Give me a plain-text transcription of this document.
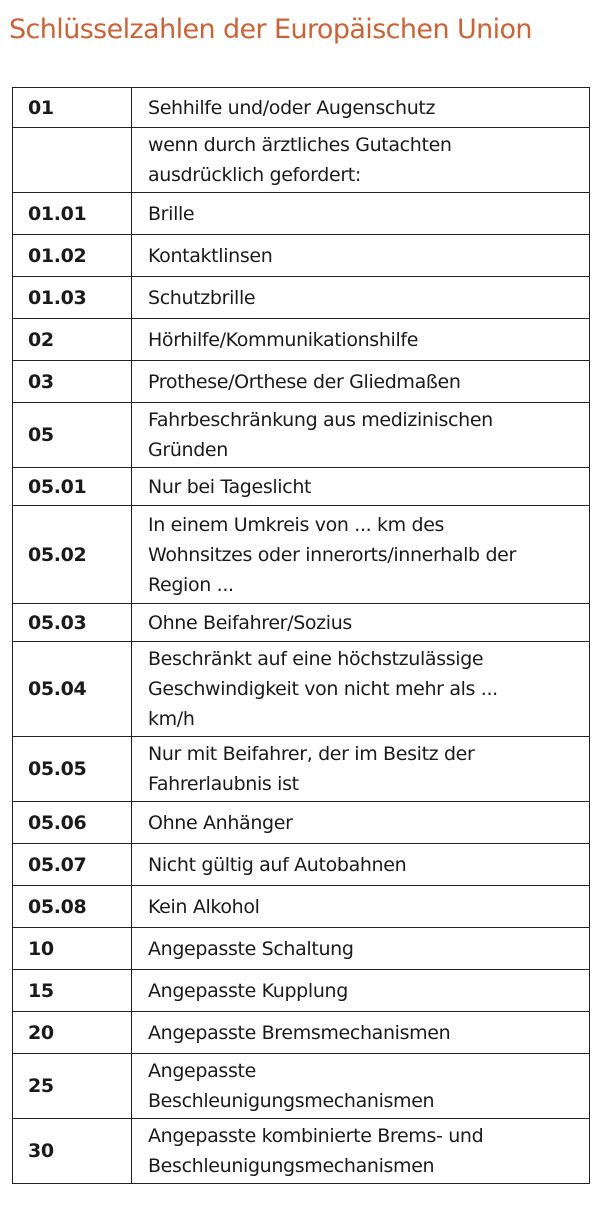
Schlüsselzahlen der Europäischen Union
01	Sehhilfe und/oder Augenschutz
	wenn durch ärztliches Gutachten
ausdrücklich gefordert:
01.01	Brille
01.02	Kontaktlinsen
01.03	Schutzbrille
02	Hörhilfe/Kommunikationshilfe
03	Prothese/Orthese der Gliedmaßen
05	Fahrbeschränkung aus medizinischen
Gründen
05.01	Nur bei Tageslicht
05.02	In einem Umkreis von ... km des
Wohnsitzes oder innerorts/innerhalb der
Region ...
05.03	Ohne Beifahrer/Sozius
05.04	Beschränkt auf eine höchstzulässige
Geschwindigkeit von nicht mehr als ...
km/h
05.05	Nur mit Beifahrer, der im Besitz der
Fahrerlaubnis ist
05.06	Ohne Anhänger
05.07	Nicht gültig auf Autobahnen
05.08	Kein Alkohol
10	Angepasste Schaltung
15	Angepasste Kupplung
20	Angepasste Bremsmechanismen
25	Angepasste
Beschleunigungsmechanismen
30	Angepasste kombinierte Brems- und
Beschleunigungsmechanismen
